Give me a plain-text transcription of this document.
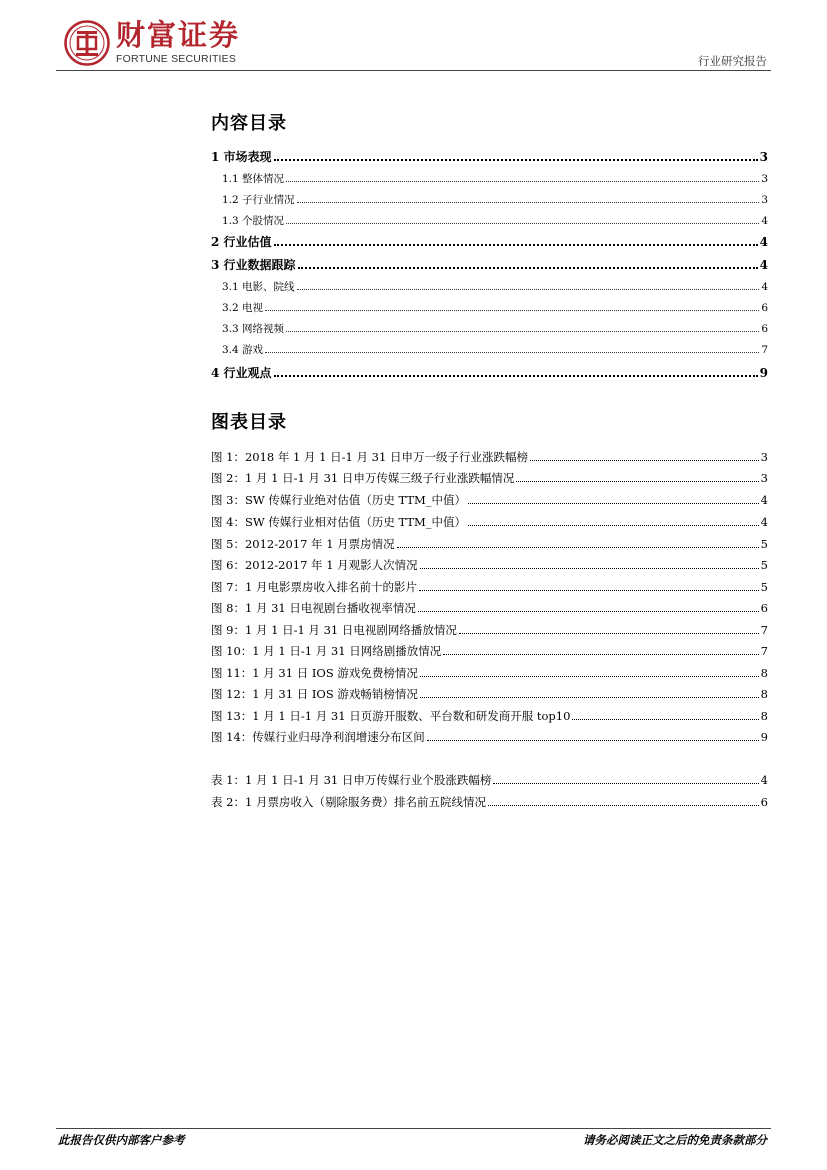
财富证券
FORTUNE SECURITIES	行业研究报告
内容目录
1 市场表现	3
1.1 整体情况	3
1.2 子行业情况	3
1.3 个股情况	4
2 行业估值	4
3 行业数据跟踪	4
3.1 电影、院线	4
3.2 电视	6
3.3 网络视频	6
3.4 游戏	7
4 行业观点	9
图表目录
图 1：2018 年 1 月 1 日-1 月 31 日申万一级子行业涨跌幅榜	3
图 2：1 月 1 日-1 月 31 日申万传媒三级子行业涨跌幅情况	3
图 3：SW 传媒行业绝对估值（历史 TTM_中值）	4
图 4：SW 传媒行业相对估值（历史 TTM_中值）	4
图 5：2012-2017 年 1 月票房情况	5
图 6：2012-2017 年 1 月观影人次情况	5
图 7：1 月电影票房收入排名前十的影片	5
图 8：1 月 31 日电视剧台播收视率情况	6
图 9：1 月 1 日-1 月 31 日电视剧网络播放情况	7
图 10：1 月 1 日-1 月 31 日网络剧播放情况	7
图 11：1 月 31 日 IOS 游戏免费榜情况	8
图 12：1 月 31 日 IOS 游戏畅销榜情况	8
图 13：1 月 1 日-1 月 31 日页游开服数、平台数和研发商开服 top10	8
图 14：传媒行业归母净利润增速分布区间	9
表 1：1 月 1 日-1 月 31 日申万传媒行业个股涨跌幅榜	4
表 2：1 月票房收入（剔除服务费）排名前五院线情况	6
此报告仅供内部客户参考	请务必阅读正文之后的免责条款部分
